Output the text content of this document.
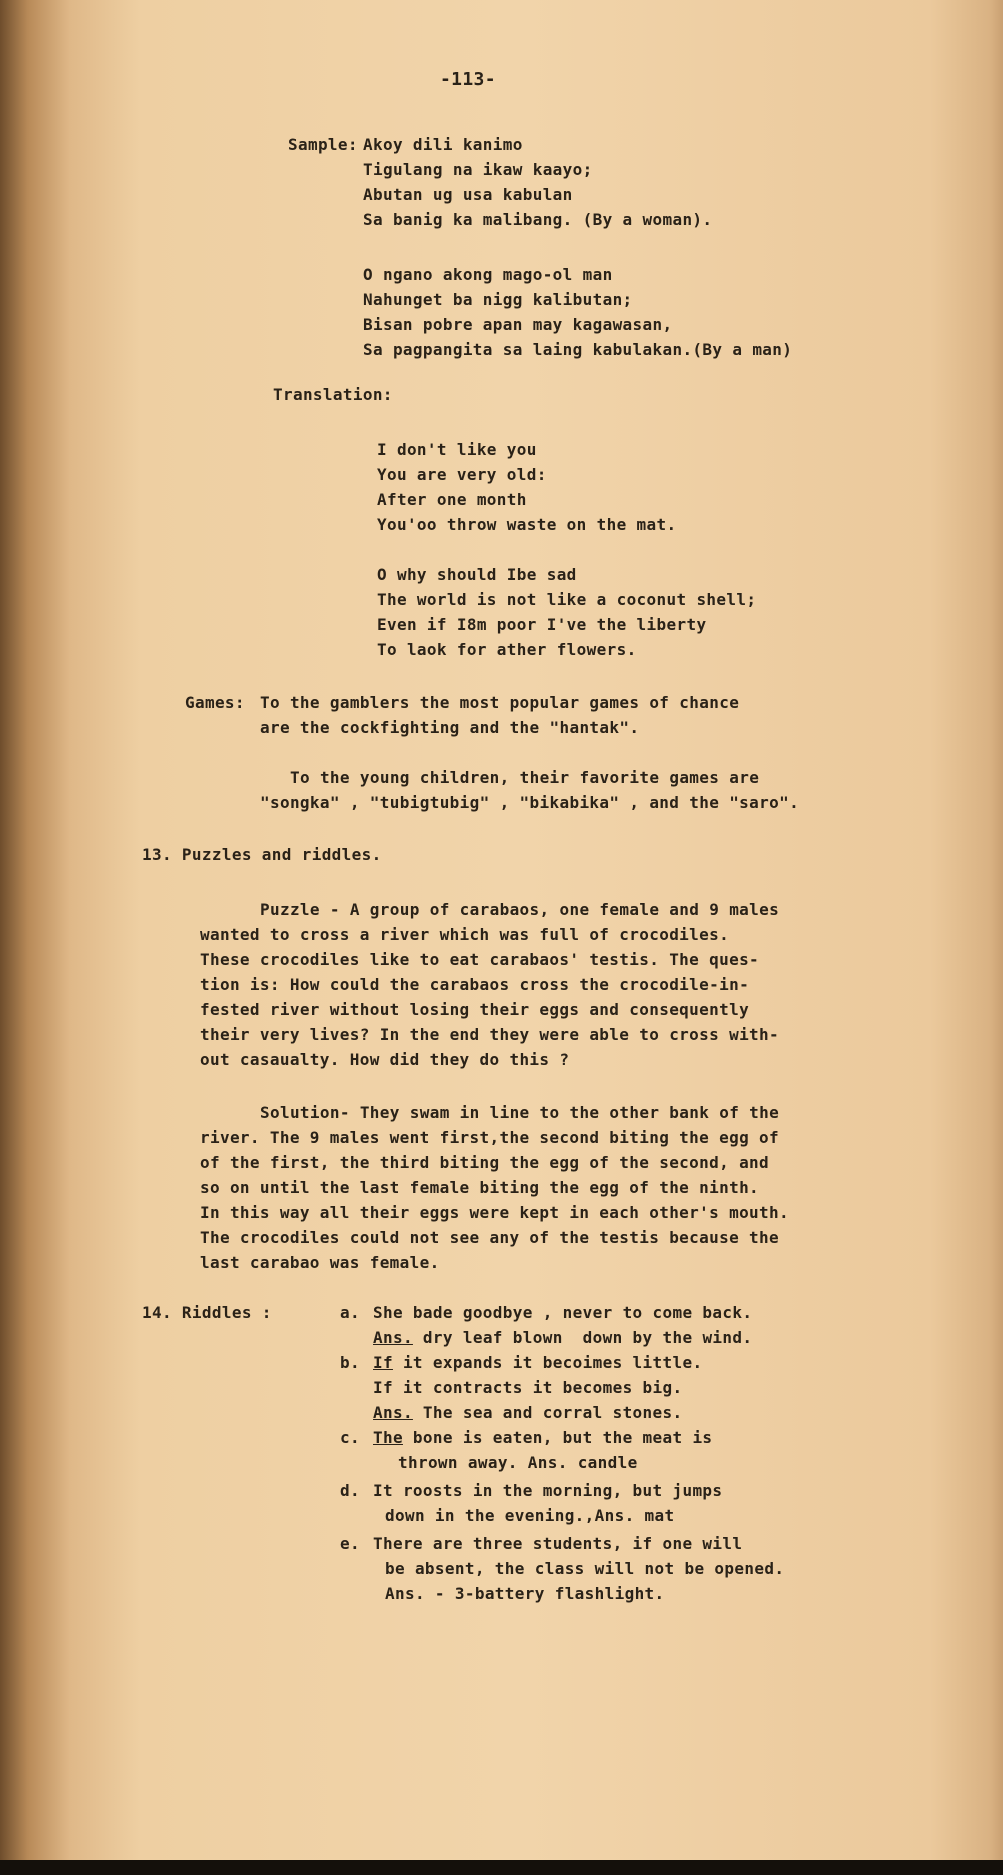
-113-

Sample: Akoy dili kanimo

Tigulang na ikaw kaayo;

Abutan ug usa kabulan

Sa banig ka malibang. (By a woman).

O ngano akong mago-ol man

Nahunget ba nigg kalibutan;

Bisan pobre apan may kagawasan,

Sa pagpangita sa laing kabulakan.(By a man)

Translation:

I don't like you

You are very old:

After one month

You'oo throw waste on the mat.

O why should Ibe sad

The world is not like a coconut shell;

Even if I8m poor I've the liberty

To laok for ather flowers.

Games: To the gamblers the most popular games of chance

are the cockfighting and the "hantak".

To the young children, their favorite games are

"songka" , "tubigtubig" , "bikabika" , and the "saro".

13. Puzzles and riddles.

Puzzle - A group of carabaos, one female and 9 males

wanted to cross a river which was full of crocodiles.

These crocodiles like to eat carabaos' testis. The ques-

tion is: How could the carabaos cross the crocodile-in-

fested river without losing their eggs and consequently

their very lives? In the end they were able to cross with-

out casaualty. How did they do this ?

Solution- They swam in line to the other bank of the

river. The 9 males went first,the second biting the egg of

of the first, the third biting the egg of the second, and

so on until the last female biting the egg of the ninth.

In this way all their eggs were kept in each other's mouth.

The crocodiles could not see any of the testis because the

last carabao was female.

14. Riddles :	a. She bade goodbye , never to come back.

Ans. dry leaf blown  down by the wind.

b. If it expands it becoimes little.

If it contracts it becomes big.

Ans. The sea and corral stones.

c. The bone is eaten, but the meat is

thrown away. Ans. candle

d. It roosts in the morning, but jumps

down in the evening.,Ans. mat

e. There are three students, if one will

be absent, the class will not be opened.

Ans. - 3-battery flashlight.
